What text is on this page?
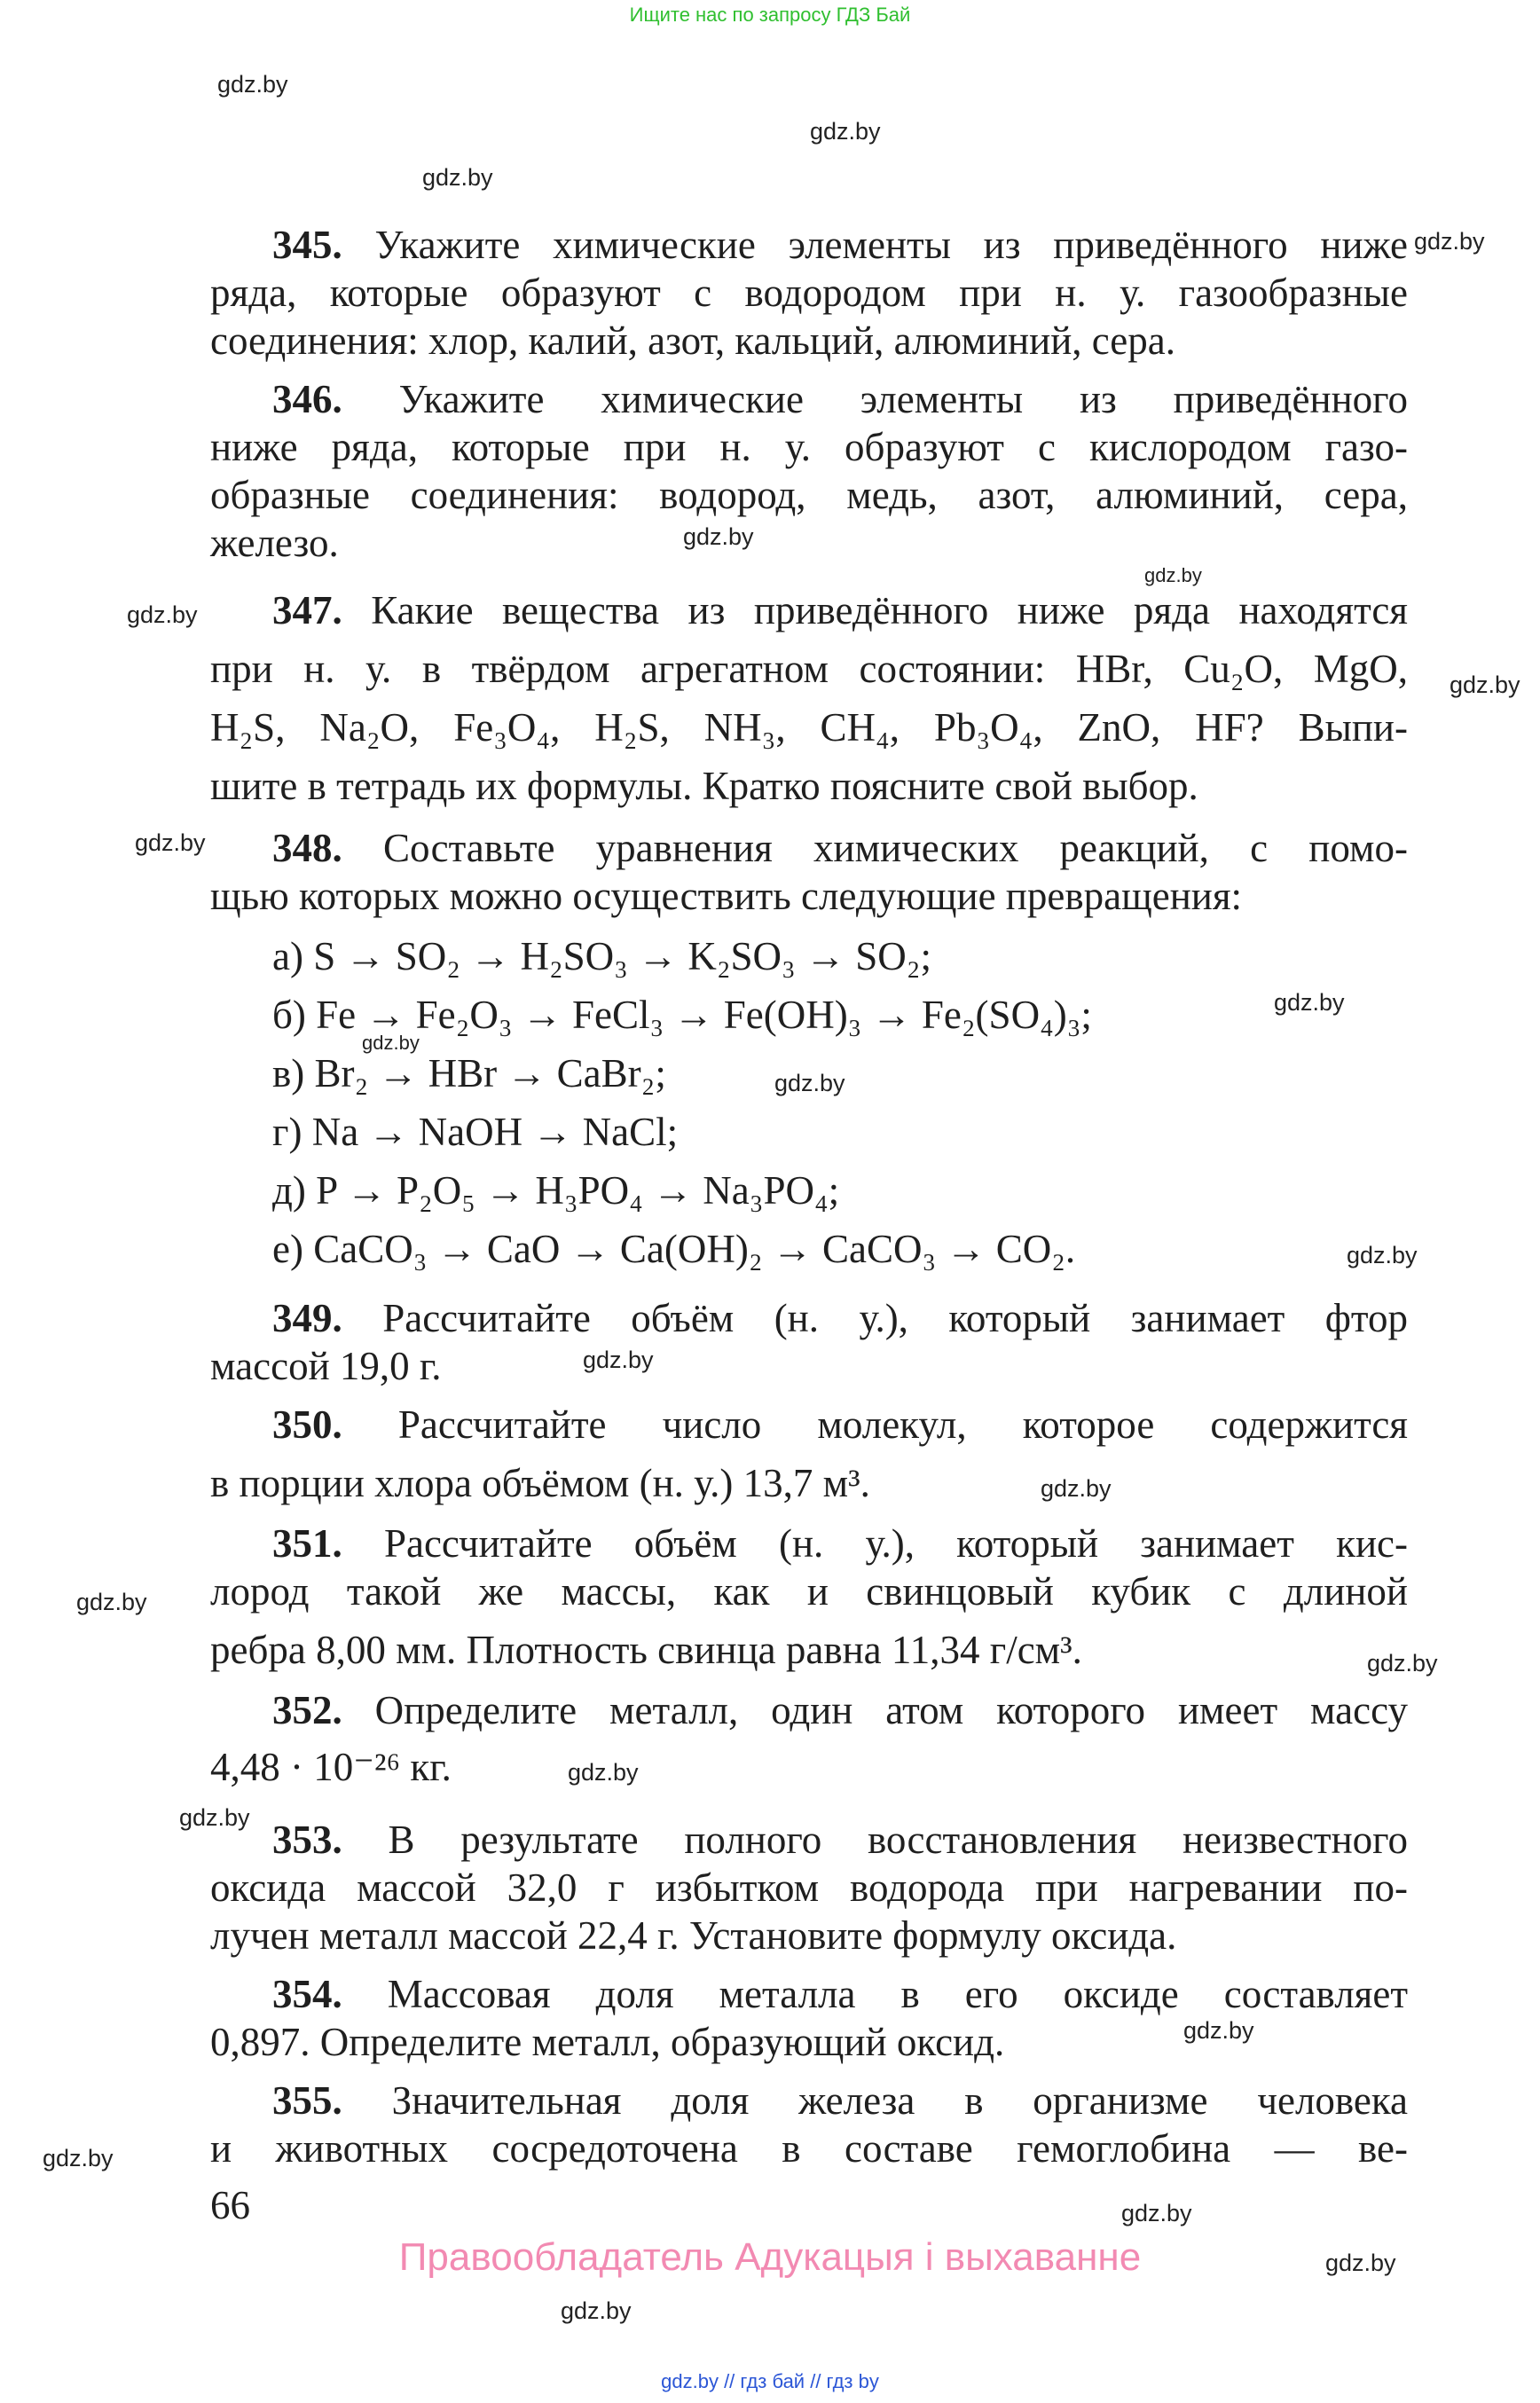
Ищите нас по запросу ГДЗ Бай
gdz.by
gdz.by
gdz.by
gdz.by
gdz.by
gdz.by
gdz.by
gdz.by
gdz.by
gdz.by
gdz.by
gdz.by
gdz.by
gdz.by
gdz.by
gdz.by
gdz.by
gdz.by
gdz.by
gdz.by
gdz.by
gdz.by
gdz.by
gdz.by
345. Укажите химические элементы из приведённого ниже
ряда, которые образуют с водородом при н. у. газообразные
соединения: хлор, калий, азот, кальций, алюминий, сера.
346. Укажите химические элементы из приведённого
ниже ряда, которые при н. у. образуют с кислородом газо-
образные соединения: водород, медь, азот, алюминий, сера,
железо.
347. Какие вещества из приведённого ниже ряда находятся
при н. у. в твёрдом агрегатном состоянии: HBr, Cu₂O, MgO,
H₂S, Na₂O, Fe₃O₄, H₂S, NH₃, CH₄, Pb₃O₄, ZnO, HF? Выпи-
шите в тетрадь их формулы. Кратко поясните свой выбор.
348. Составьте уравнения химических реакций, с помо-
щью которых можно осуществить следующие превращения:
а) S → SO₂ → H₂SO₃ → K₂SO₃ → SO₂;
б) Fe → Fe₂O₃ → FeCl₃ → Fe(OH)₃ → Fe₂(SO₄)₃;
в) Br₂ → HBr → CaBr₂;
г) Na → NaOH → NaCl;
д) P → P₂O₅ → H₃PO₄ → Na₃PO₄;
е) CaCO₃ → CaO → Ca(OH)₂ → CaCO₃ → CO₂.
349. Рассчитайте объём (н. у.), который занимает фтор
массой 19,0 г.
350. Рассчитайте число молекул, которое содержится
в порции хлора объёмом (н. у.) 13,7 м³.
351. Рассчитайте объём (н. у.), который занимает кис-
лород такой же массы, как и свинцовый кубик с длиной
ребра 8,00 мм. Плотность свинца равна 11,34 г/см³.
352. Определите металл, один атом которого имеет массу
4,48 · 10⁻²⁶ кг.
353. В результате полного восстановления неизвестного
оксида массой 32,0 г избытком водорода при нагревании по-
лучен металл массой 22,4 г. Установите формулу оксида.
354. Массовая доля металла в его оксиде составляет
0,897. Определите металл, образующий оксид.
355. Значительная доля железа в организме человека
и животных сосредоточена в составе гемоглобина — ве-
66
Правообладатель Адукацыя і выхаванне
gdz.by // гдз бай // гдз by
